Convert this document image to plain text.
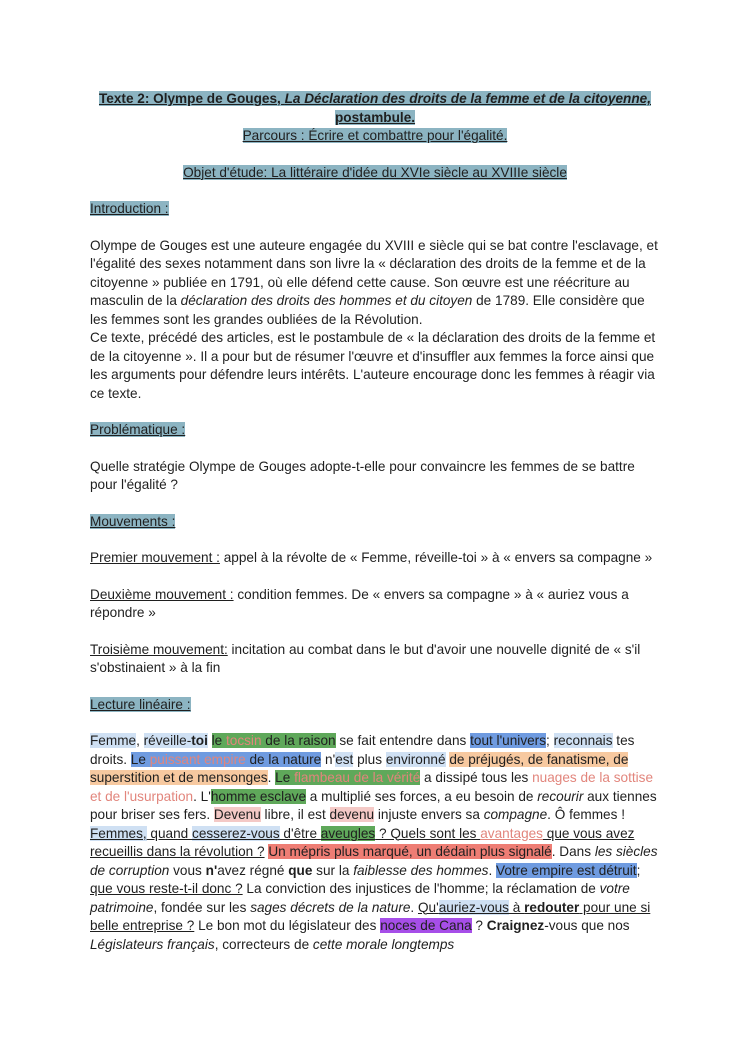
Texte 2: Olympe de Gouges, La Déclaration des droits de la femme et de la citoyenne,
postambule.
Parcours : Écrire et combattre pour l'égalité.
Objet d'étude: La littéraire d'idée du XVIe siècle au XVIIIe siècle
Introduction :
Olympe de Gouges est une auteure engagée du XVIII e siècle qui se bat contre l'esclavage, et l'égalité des sexes notamment dans son livre la « déclaration des droits de la femme et de la citoyenne » publiée en 1791, où elle défend cette cause. Son œuvre est une réécriture au masculin de la déclaration des droits des hommes et du citoyen de 1789. Elle considère que les femmes sont les grandes oubliées de la Révolution.
Ce texte, précédé des articles, est le postambule de « la déclaration des droits de la femme et de la citoyenne ». Il a pour but de résumer l'œuvre et d'insuffler aux femmes la force ainsi que les arguments pour défendre leurs intérêts. L'auteure encourage donc les femmes à réagir via ce texte.
Problématique :
Quelle stratégie Olympe de Gouges adopte-t-elle pour convaincre les femmes de se battre pour l'égalité ?
Mouvements :
Premier mouvement : appel à la révolte de « Femme, réveille-toi » à « envers sa compagne »
Deuxième mouvement : condition femmes. De « envers sa compagne » à « auriez vous a répondre »
Troisième mouvement: incitation au combat dans le but d'avoir une nouvelle dignité de « s'il s'obstinaient » à la fin
Lecture linéaire :
Femme, réveille-toi le tocsin de la raison se fait entendre dans tout l'univers; reconnais tes droits. Le puissant empire de la nature n'est plus environné de préjugés, de fanatisme, de superstition et de mensonges. Le flambeau de la vérité a dissipé tous les nuages de la sottise et de l'usurpation. L'homme esclave a multiplié ses forces, a eu besoin de recourir aux tiennes pour briser ses fers. Devenu libre, il est devenu injuste envers sa compagne. Ô femmes ! Femmes, quand cesserez-vous d'être aveugles ? Quels sont les avantages que vous avez recueillis dans la révolution ? Un mépris plus marqué, un dédain plus signalé. Dans les siècles de corruption vous n'avez régné que sur la faiblesse des hommes. Votre empire est détruit; que vous reste-t-il donc ? La conviction des injustices de l'homme; la réclamation de votre patrimoine, fondée sur les sages décrets de la nature. Qu'auriez-vous à redouter pour une si belle entreprise ? Le bon mot du législateur des noces de Cana ? Craignez-vous que nos Législateurs français, correcteurs de cette morale longtemps
